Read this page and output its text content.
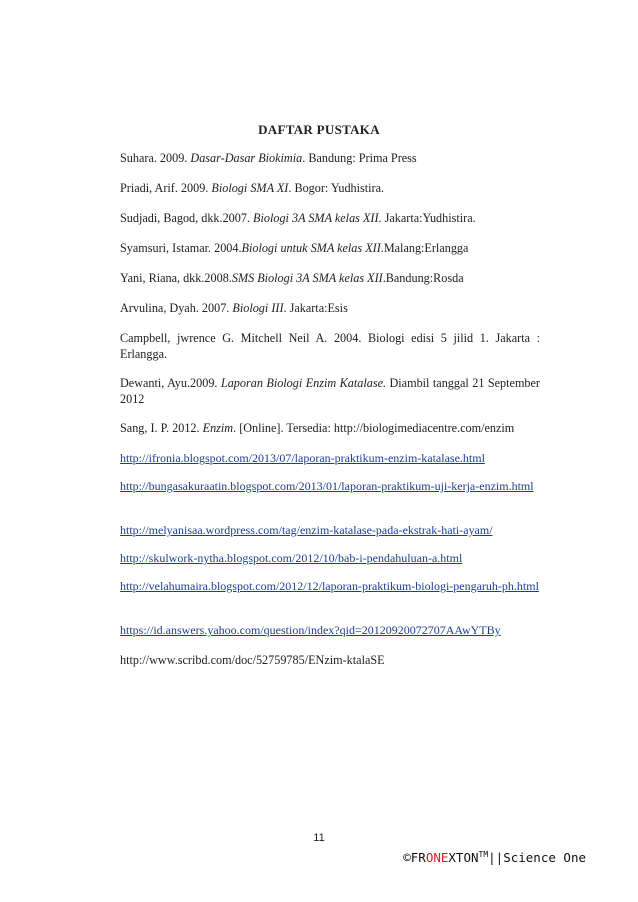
DAFTAR PUSTAKA

Suhara. 2009. Dasar-Dasar Biokimia. Bandung: Prima Press

Priadi, Arif. 2009. Biologi SMA XI. Bogor: Yudhistira.

Sudjadi, Bagod, dkk.2007. Biologi 3A SMA kelas XII. Jakarta:Yudhistira.

Syamsuri, Istamar. 2004.Biologi untuk SMA kelas XII.Malang:Erlangga

Yani, Riana, dkk.2008.SMS Biologi 3A SMA kelas XII.Bandung:Rosda

Arvulina, Dyah. 2007. Biologi III. Jakarta:Esis

Campbell, jwrence G. Mitchell Neil A. 2004. Biologi edisi 5 jilid 1. Jakarta : Erlangga.

Dewanti, Ayu.2009. Laporan Biologi Enzim Katalase. Diambil tanggal 21 September 2012

Sang, I. P. 2012. Enzim. [Online]. Tersedia: http://biologimediacentre.com/enzim

http://ifronia.blogspot.com/2013/07/laporan-praktikum-enzim-katalase.html

http://bungasakuraatin.blogspot.com/2013/01/laporan-praktikum-uji-kerja-enzim.html

http://melyanisaa.wordpress.com/tag/enzim-katalase-pada-ekstrak-hati-ayam/

http://skulwork-nytha.blogspot.com/2012/10/bab-i-pendahuluan-a.html

http://velahumaira.blogspot.com/2012/12/laporan-praktikum-biologi-pengaruh-ph.html

https://id.answers.yahoo.com/question/index?qid=20120920072707AAwYTBy

http://www.scribd.com/doc/52759785/ENzim-ktalaSE

11
©FRONEXTON™||Science One
